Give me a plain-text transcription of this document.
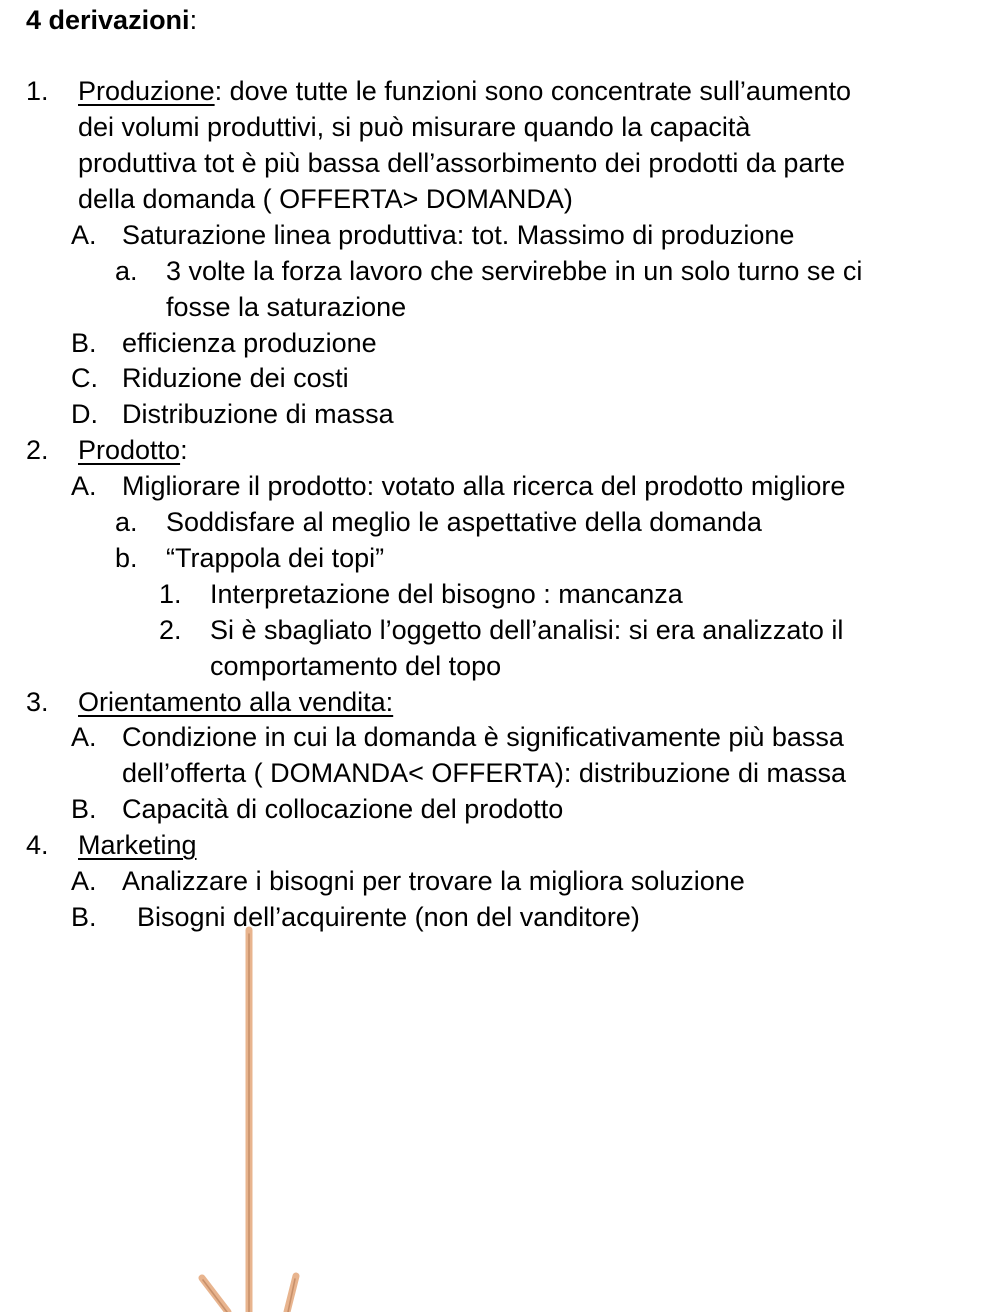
4 derivazioni:
1. Produzione: dove tutte le funzioni sono concentrate sull’aumento
dei volumi produttivi, si può misurare quando la capacità
produttiva tot è più bassa dell’assorbimento dei prodotti da parte
della domanda ( OFFERTA> DOMANDA)
A. Saturazione linea produttiva: tot. Massimo di produzione
a. 3 volte la forza lavoro che servirebbe in un solo turno se ci
fosse la saturazione
B. efficienza produzione
C. Riduzione dei costi
D. Distribuzione di massa
2. Prodotto:
A. Migliorare il prodotto: votato alla ricerca del prodotto migliore
a. Soddisfare al meglio le aspettative della domanda
b. “Trappola dei topi”
1. Interpretazione del bisogno : mancanza
2. Si è sbagliato l’oggetto dell’analisi: si era analizzato il
comportamento del topo
3. Orientamento alla vendita:
A. Condizione in cui la domanda è significativamente più bassa
dell’offerta ( DOMANDA< OFFERTA): distribuzione di massa
B. Capacità di collocazione del prodotto
4. Marketing
A. Analizzare i bisogni per trovare la migliora soluzione
B. Bisogni dell’acquirente (non del vanditore)
